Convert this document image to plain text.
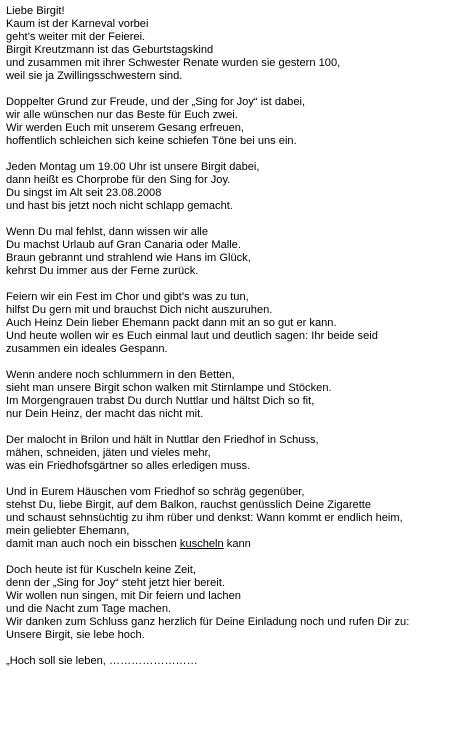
Liebe Birgit!
Kaum ist der Karneval vorbei
geht’s weiter mit der Feierei.
Birgit Kreutzmann ist das Geburtstagskind
und zusammen mit ihrer Schwester Renate wurden sie gestern 100,
weil sie ja Zwillingsschwestern sind.
Doppelter Grund zur Freude, und der „Sing for Joy“ ist dabei,
wir alle wünschen nur das Beste für Euch zwei.
Wir werden Euch mit unserem Gesang erfreuen,
hoffentlich schleichen sich keine schiefen Töne bei uns ein.
Jeden Montag um 19.00 Uhr ist unsere Birgit dabei,
dann heißt es Chorprobe für den Sing for Joy.
Du singst im Alt seit 23.08.2008
und hast bis jetzt noch nicht schlapp gemacht.
Wenn Du mal fehlst, dann wissen wir alle
Du machst Urlaub auf Gran Canaria oder Malle.
Braun gebrannt und strahlend wie Hans im Glück,
kehrst Du immer aus der Ferne zurück.
Feiern wir ein Fest im Chor und gibt’s was zu tun,
hilfst Du gern mit und brauchst Dich nicht auszuruhen.
Auch Heinz Dein lieber Ehemann packt dann mit an so gut er kann.
Und heute wollen wir es Euch einmal laut und deutlich sagen: Ihr beide seid
zusammen ein ideales Gespann.
Wenn andere noch schlummern in den Betten,
sieht man unsere Birgit schon walken mit Stirnlampe und Stöcken.
Im Morgengrauen trabst Du durch Nuttlar und hältst Dich so fit,
nur Dein Heinz, der macht das nicht mit.
Der malocht in Brilon und hält in Nuttlar den Friedhof in Schuss,
mähen, schneiden, jäten und vieles mehr,
was ein Friedhofsgärtner so alles erledigen muss.
Und in Eurem Häuschen vom Friedhof so schräg gegenüber,
stehst Du, liebe Birgit, auf dem Balkon, rauchst genüsslich Deine Zigarette
und schaust sehnsüchtig zu ihm rüber und denkst: Wann kommt er endlich heim,
mein geliebter Ehemann,
damit man auch noch ein bisschen kuscheln kann
Doch heute ist für Kuscheln keine Zeit,
denn der „Sing for Joy“ steht jetzt hier bereit.
Wir wollen nun singen, mit Dir feiern und lachen
und die Nacht zum Tage machen.
Wir danken zum Schluss ganz herzlich für Deine Einladung noch und rufen Dir zu:
Unsere Birgit, sie lebe hoch.
„Hoch soll sie leben, ……………………
